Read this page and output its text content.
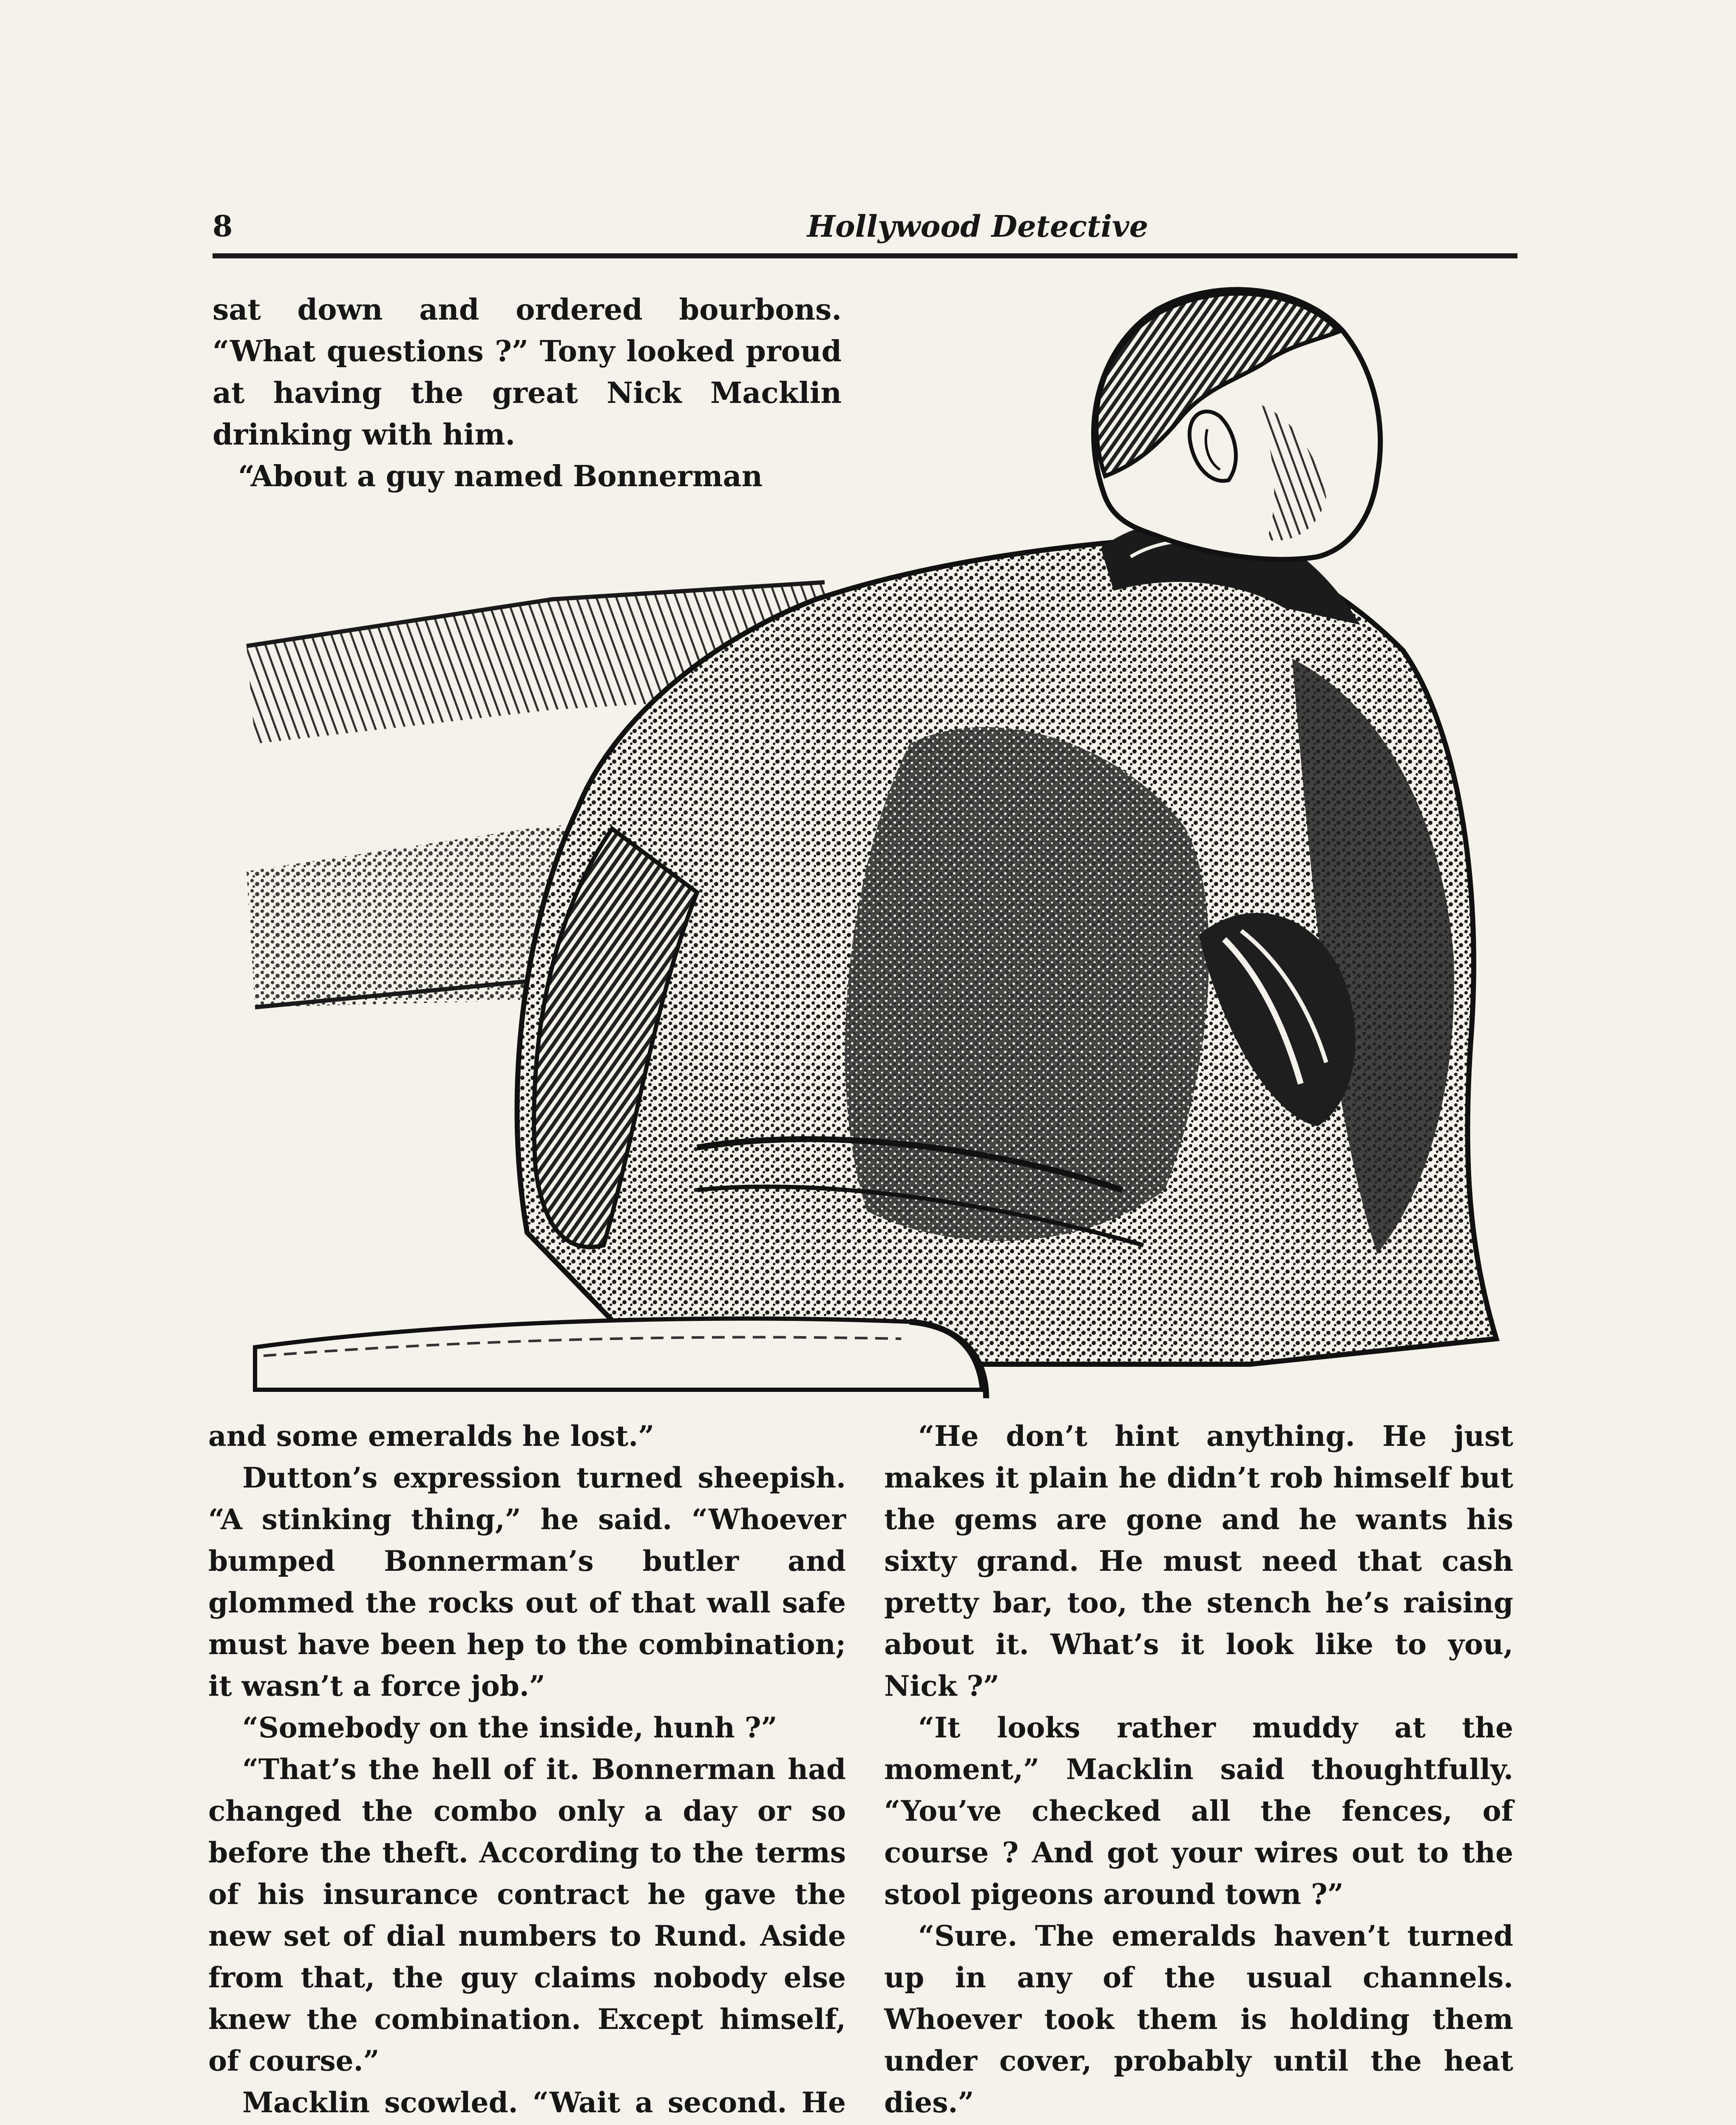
8	Hollywood Detective

sat down and ordered bourbons. “What questions ?” Tony looked proud at having the great Nick Macklin drinking with him.

“About a guy named Bonnerman

and some emeralds he lost.”

Dutton’s expression turned sheepish. “A stinking thing,” he said. “Whoever bumped Bonnerman’s butler and glommed the rocks out of that wall safe must have been hep to the combination; it wasn’t a force job.”

“Somebody on the inside, hunh ?”

“That’s the hell of it. Bonnerman had changed the combo only a day or so before the theft. According to the terms of his insurance contract he gave the new set of dial numbers to Rund. Aside from that, the guy claims nobody else knew the combination. Except himself, of course.”

Macklin scowled. “Wait a second. He

“He don’t hint anything. He just makes it plain he didn’t rob himself but the gems are gone and he wants his sixty grand. He must need that cash pretty bar, too, the stench he’s raising about it. What’s it look like to you, Nick ?”

“It looks rather muddy at the moment,” Macklin said thoughtfully. “You’ve checked all the fences, of course ? And got your wires out to the stool pigeons around town ?”

“Sure. The emeralds haven’t turned up in any of the usual channels. Whoever took them is holding them under cover, probably until the heat dies.”
